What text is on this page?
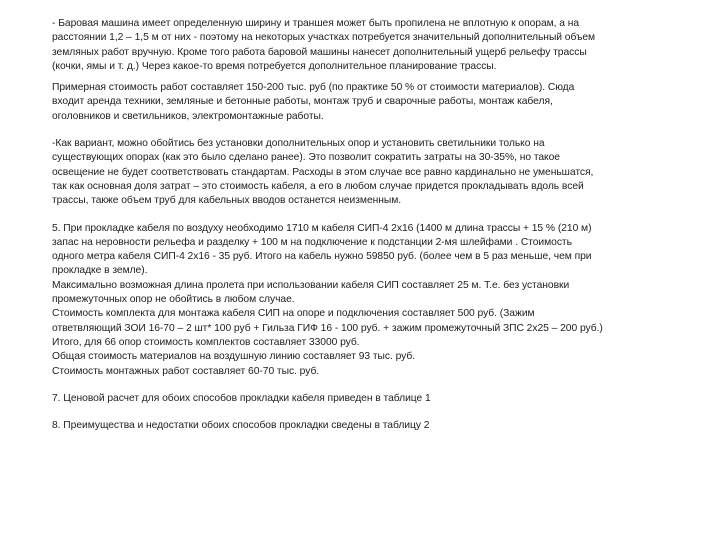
- Баровая машина имеет определенную ширину и траншея может быть пропилена не вплотную к опорам, а на
расстоянии 1,2 – 1,5 м от них - поэтому на некоторых участках потребуется значительный дополнительный объем
земляных работ вручную. Кроме того работа баровой машины нанесет дополнительный ущерб рельефу трассы
(кочки, ямы и т. д.) Через какое-то время потребуется дополнительное планирование трассы.
Примерная стоимость работ составляет 150-200 тыс. руб (по практике 50 % от стоимости материалов). Сюда
входит аренда техники, земляные и бетонные работы, монтаж труб и сварочные работы, монтаж кабеля,
оголовников и светильников, электромонтажные работы.
-Как вариант, можно обойтись без установки дополнительных опор и установить светильники только на
существующих опорах (как это было сделано ранее). Это позволит сократить затраты на 30-35%, но такое
освещение не будет соответствовать стандартам. Расходы в этом случае все равно кардинально не уменьшатся,
так как основная доля затрат – это стоимость кабеля, а его в любом случае придется прокладывать вдоль всей
трассы, также объем труб для кабельных вводов останется неизменным.
5. При прокладке кабеля по воздуху необходимо 1710 м кабеля СИП-4 2х16 (1400 м длина трассы + 15 % (210 м)
запас на неровности рельефа и разделку + 100 м на подключение к подстанции 2-мя шлейфами . Стоимость
одного метра кабеля СИП-4 2х16 - 35 руб. Итого на кабель нужно 59850 руб. (более чем в 5 раз меньше, чем при
прокладке в земле).
Максимально возможная длина пролета при использовании кабеля СИП составляет 25 м. Т.е. без установки
промежуточных опор не обойтись в любом случае.
Стоимость комплекта для монтажа кабеля СИП на опоре и подключения составляет 500 руб. (Зажим
ответвляющий ЗОИ 16-70 – 2 шт* 100 руб + Гильза ГИФ 16 - 100 руб. + зажим промежуточный ЗПС 2х25 – 200 руб.)
Итого, для 66 опор стоимость комплектов составляет 33000 руб.
Общая стоимость материалов на воздушную линию составляет 93 тыс. руб.
Стоимость монтажных работ составляет 60-70 тыс. руб.
7. Ценовой расчет для обоих способов прокладки кабеля приведен в таблице 1
8. Преимущества и недостатки обоих способов прокладки сведены в таблицу 2
